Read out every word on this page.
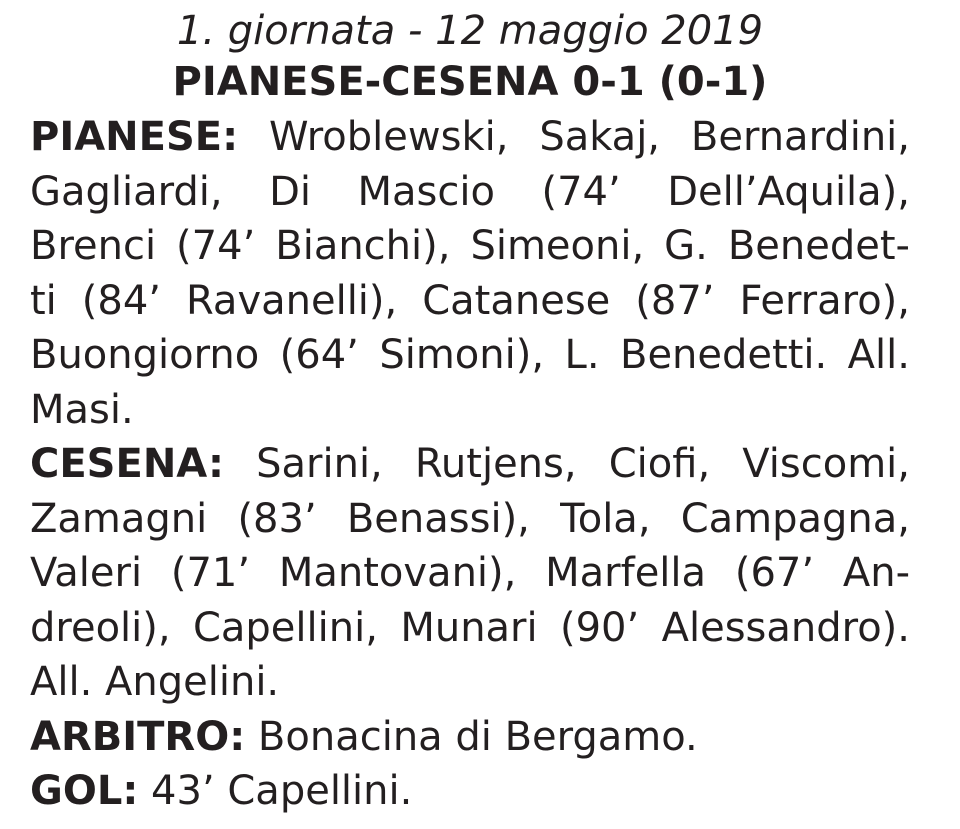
1. giornata - 12 maggio 2019
PIANESE-CESENA 0-1 (0-1)
PIANESE: Wroblewski, Sakaj, Bernardini,
Gagliardi, Di Mascio (74’ Dell’Aquila),
Brenci (74’ Bianchi), Simeoni, G. Benedet-
ti (84’ Ravanelli), Catanese (87’ Ferraro),
Buongiorno (64’ Simoni), L. Benedetti. All.
Masi.
CESENA: Sarini, Rutjens, Ciofi, Viscomi,
Zamagni (83’ Benassi), Tola, Campagna,
Valeri (71’ Mantovani), Marfella (67’ An-
dreoli), Capellini, Munari (90’ Alessandro).
All. Angelini.
ARBITRO: Bonacina di Bergamo.
GOL: 43’ Capellini.
